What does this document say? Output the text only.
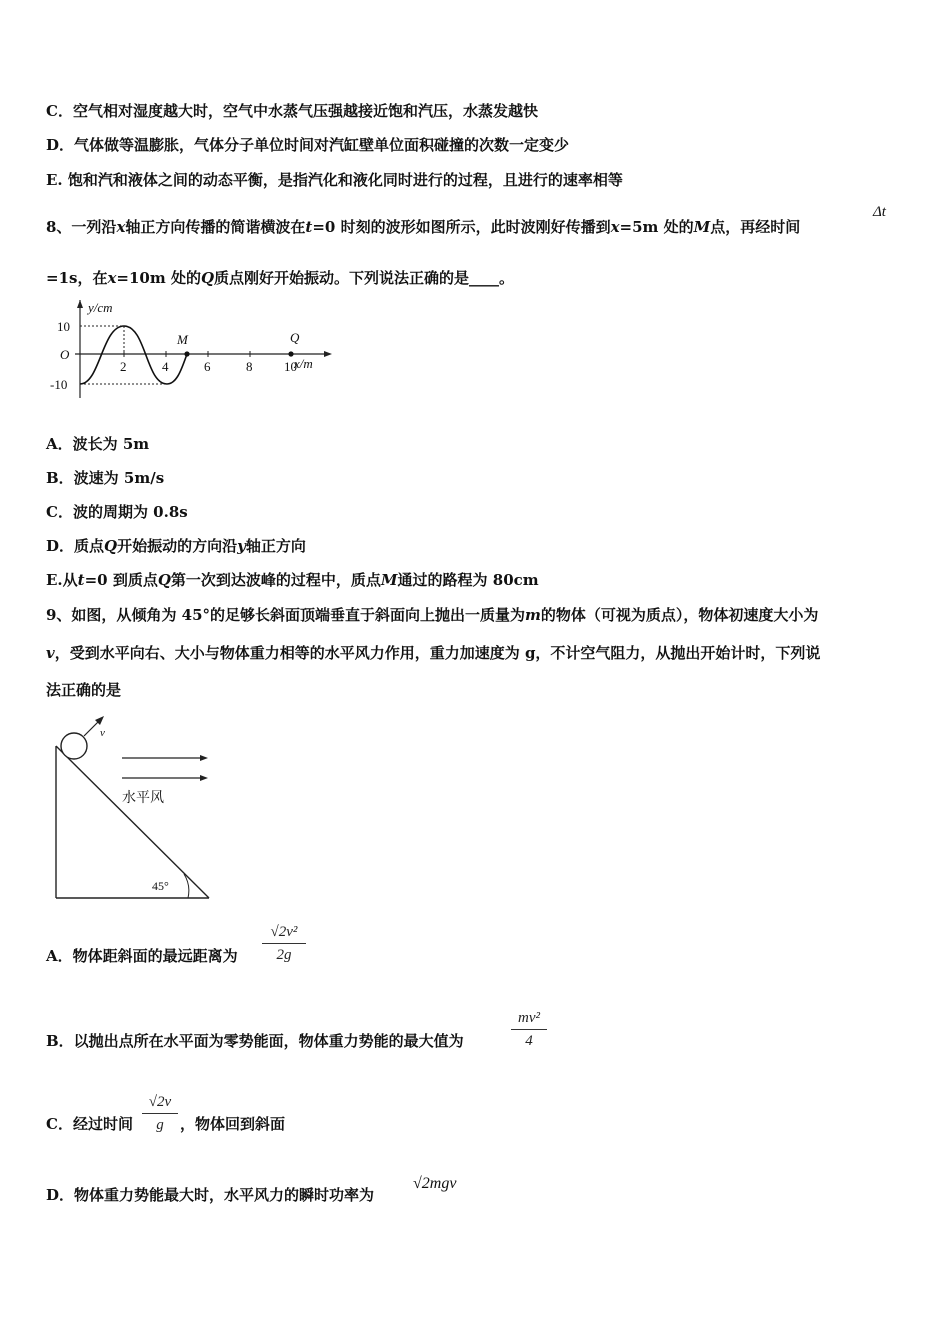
C．空气相对湿度越大时，空气中水蒸气压强越接近饱和汽压，水蒸发越快
D．气体做等温膨胀，气体分子单位时间对汽缸壁单位面积碰撞的次数一定变少
E. 饱和汽和液体之间的动态平衡，是指汽化和液化同时进行的过程，且进行的速率相等
8、一列沿x轴正方向传播的简谐横波在t=0 时刻的波形如图所示，此时波刚好传播到x=5m 处的M点，再经时间
Δt
=1s，在x=10m 处的Q质点刚好开始振动。下列说法正确的是____。
y/cm
x/m
O
10
-10
2	4	6	8 10
M	Q
A．波长为 5m
B．波速为 5m/s
C．波的周期为 0.8s
D．质点Q开始振动的方向沿y轴正方向
E.从t=0 到质点Q第一次到达波峰的过程中，质点M通过的路程为 80cm
9、如图，从倾角为 45°的足够长斜面顶端垂直于斜面向上抛出一质量为m的物体（可视为质点），物体初速度大小为
v，受到水平向右、大小与物体重力相等的水平风力作用，重力加速度为 g，不计空气阻力，从抛出开始计时，下列说
法正确的是
v
水平风
45°
A．物体距斜面的最远距离为
√2v²
2g
B．以抛出点所在水平面为零势能面，物体重力势能的最大值为
mv²
4
C．经过时间
√2v
g	，物体回到斜面
D．物体重力势能最大时，水平风力的瞬时功率为
√2mgv
